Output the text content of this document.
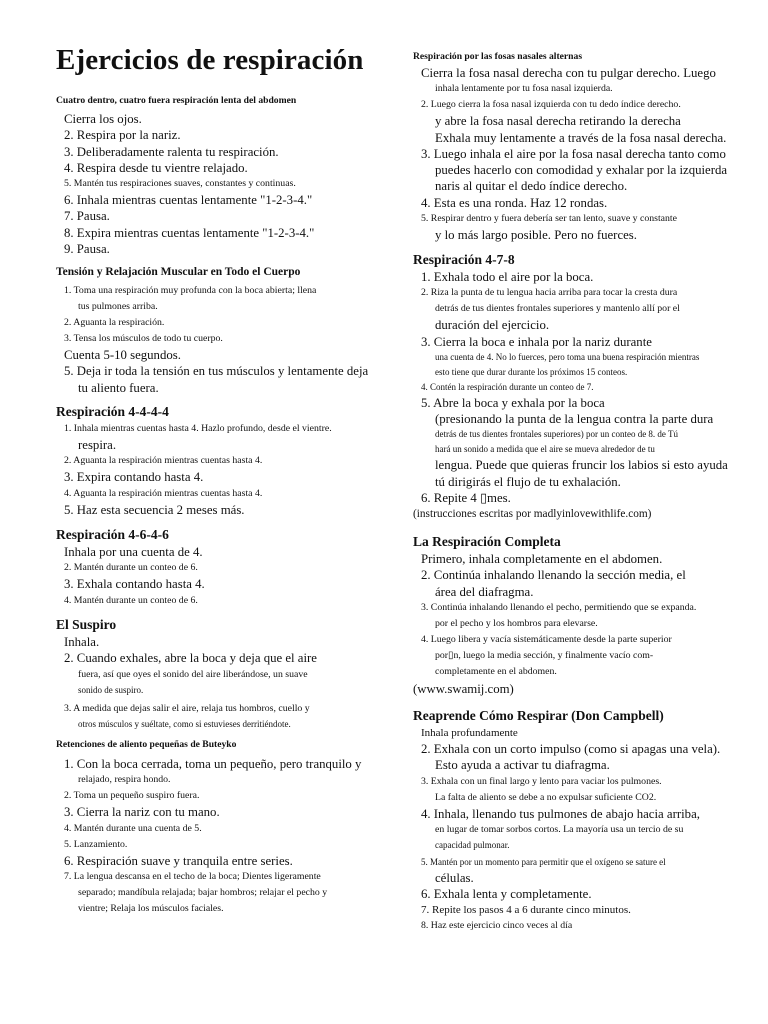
Ejercicios de respiración
Cuatro dentro, cuatro fuera respiración lenta del abdomen
Cierra los ojos.
2. Respira por la nariz.
3. Deliberadamente ralenta tu respiración.
4. Respira desde tu vientre relajado.
5. Mantén tus respiraciones suaves, constantes y continuas.
6. Inhala mientras cuentas lentamente "1-2-3-4."
7. Pausa.
8. Expira mientras cuentas lentamente "1-2-3-4."
9. Pausa.
Tensión y Relajación Muscular en Todo el Cuerpo
1. Toma una respiración muy profunda con la boca abierta; llena
tus pulmones arriba.
2. Aguanta la respiración.
3. Tensa los músculos de todo tu cuerpo.
Cuenta 5-10 segundos.
5. Deja ir toda la tensión en tus músculos y lentamente deja
tu aliento fuera.
Respiración 4-4-4-4
1. Inhala mientras cuentas hasta 4. Hazlo profundo, desde el vientre.
respira.
2. Aguanta la respiración mientras cuentas hasta 4.
3. Expira contando hasta 4.
4. Aguanta la respiración mientras cuentas hasta 4.
5. Haz esta secuencia 2 meses más.
Respiración 4-6-4-6
Inhala por una cuenta de 4.
2. Mantén durante un conteo de 6.
3. Exhala contando hasta 4.
4. Mantén durante un conteo de 6.
El Suspiro
Inhala.
2. Cuando exhales, abre la boca y deja que el aire
fuera, así que oyes el sonido del aire liberándose, un suave
sonido de suspiro.
3. A medida que dejas salir el aire, relaja tus hombros, cuello y
otros músculos y suéltate, como si estuvieses derritiéndote.
Retenciones de aliento pequeñas de Buteyko
1. Con la boca cerrada, toma un pequeño, pero tranquilo y
relajado, respira hondo.
2. Toma un pequeño suspiro fuera.
3. Cierra la nariz con tu mano.
4. Mantén durante una cuenta de 5.
5. Lanzamiento.
6. Respiración suave y tranquila entre series.
7. La lengua descansa en el techo de la boca; Dientes ligeramente
separado; mandíbula relajada; bajar hombros; relajar el pecho y
vientre; Relaja los músculos faciales.
Respiración por las fosas nasales alternas
Cierra la fosa nasal derecha con tu pulgar derecho. Luego
inhala lentamente por tu fosa nasal izquierda.
2. Luego cierra la fosa nasal izquierda con tu dedo índice derecho.
y abre la fosa nasal derecha retirando la derecha
Exhala muy lentamente a través de la fosa nasal derecha.
3. Luego inhala el aire por la fosa nasal derecha tanto como
puedes hacerlo con comodidad y exhalar por la izquierda
naris al quitar el dedo índice derecho.
4. Esta es una ronda. Haz 12 rondas.
5. Respirar dentro y fuera debería ser tan lento, suave y constante
y lo más largo posible. Pero no fuerces.
Respiración 4-7-8
1. Exhala todo el aire por la boca.
2. Riza la punta de tu lengua hacia arriba para tocar la cresta dura
detrás de tus dientes frontales superiores y mantenlo allí por el
duración del ejercicio.
3. Cierra la boca e inhala por la nariz durante
una cuenta de 4. No lo fuerces, pero toma una buena respiración mientras
esto tiene que durar durante los próximos 15 conteos.
4. Contén la respiración durante un conteo de 7.
5. Abre la boca y exhala por la boca
(presionando la punta de la lengua contra la parte dura
detrás de tus dientes frontales superiores) por un conteo de 8. de Tú
hará un sonido a medida que el aire se mueva alrededor de tu
lengua. Puede que quieras fruncir los labios si esto ayuda
tú dirigirás el flujo de tu exhalación.
6. Repite 4 ▯mes.
(instrucciones escritas por madlyinlovewithlife.com)
La Respiración Completa
Primero, inhala completamente en el abdomen.
2. Continúa inhalando llenando la sección media, el
área del diafragma.
3. Continúa inhalando llenando el pecho, permitiendo que se expanda.
por el pecho y los hombros para elevarse.
4. Luego libera y vacía sistemáticamente desde la parte superior
por▯n, luego la media sección, y finalmente vacío com-
completamente en el abdomen.
(www.swamij.com)
Reaprende Cómo Respirar (Don Campbell)
Inhala profundamente
2. Exhala con un corto impulso (como si apagas una vela).
Esto ayuda a activar tu diafragma.
3. Exhala con un final largo y lento para vaciar los pulmones.
La falta de aliento se debe a no expulsar suficiente CO2.
4. Inhala, llenando tus pulmones de abajo hacia arriba,
en lugar de tomar sorbos cortos. La mayoría usa un tercio de su
capacidad pulmonar.
5. Mantén por un momento para permitir que el oxígeno se sature el
células.
6. Exhala lenta y completamente.
7. Repite los pasos 4 a 6 durante cinco minutos.
8. Haz este ejercicio cinco veces al día
